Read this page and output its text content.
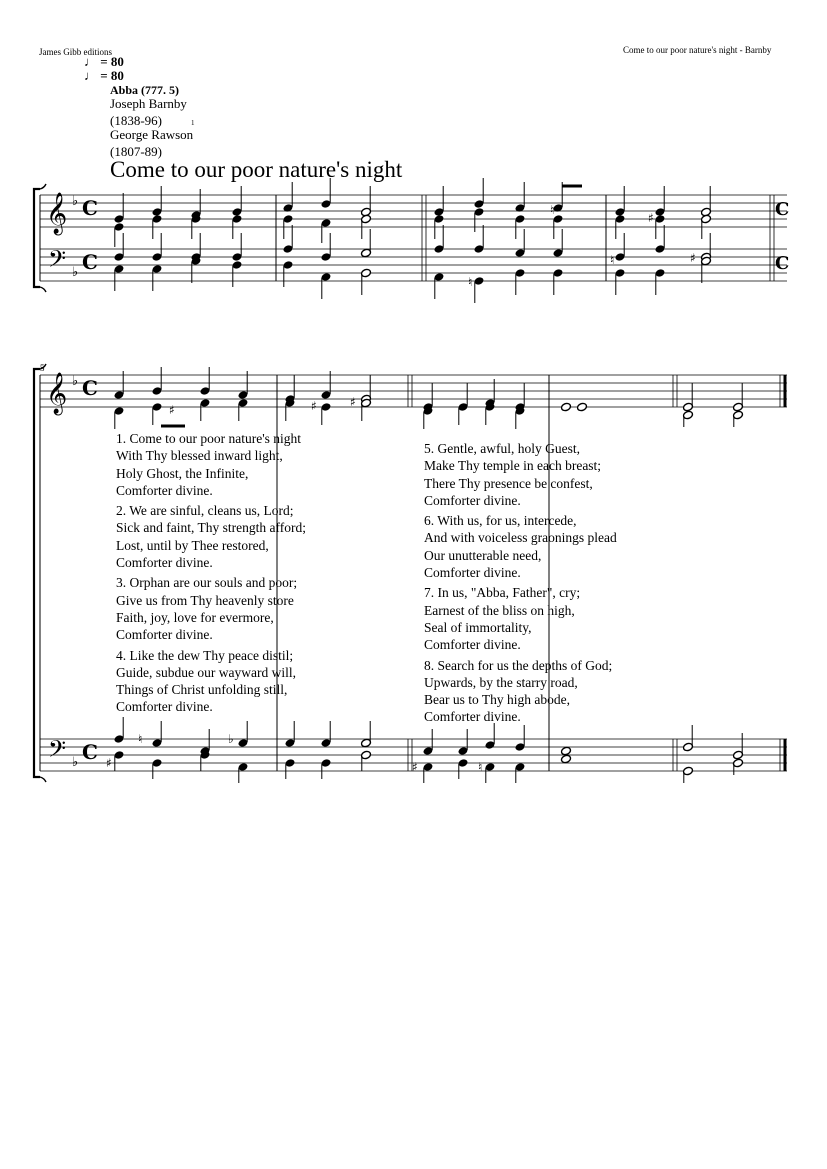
James Gibb editions	Come to our poor nature's night - Barnby
♩ = 80
♩ = 80
Abba (777. 5)
Joseph Barnby
(1838-96)	1
George Rawson
(1807-89)
Come to our poor nature's night
5
𝄞
𝄢
♭
♭
C
C
C
C
♮
♯
♮
♮	♯
𝄞
𝄢
♭
♭
C
C
♯	♯	♯
♮	♭
♯	♯	♮
1. Come to our poor nature's night
With Thy blessed inward light,
Holy Ghost, the Infinite,
Comforter divine.
2. We are sinful, cleans us, Lord;
Sick and faint, Thy strength afford;
Lost, until by Thee restored,
Comforter divine.
3. Orphan are our souls and poor;
Give us from Thy heavenly store
Faith, joy, love for evermore,
Comforter divine.
4. Like the dew Thy peace distil;
Guide, subdue our wayward will,
Things of Christ unfolding still,
Comforter divine.
5. Gentle, awful, holy Guest,
Make Thy temple in each breast;
There Thy presence be confest,
Comforter divine.
6. With us, for us, intercede,
And with voiceless graonings plead
Our unutterable need,
Comforter divine.
7. In us, "Abba, Father", cry;
Earnest of the bliss on high,
Seal of immortality,
Comforter divine.
8. Search for us the depths of God;
Upwards, by the starry road,
Bear us to Thy high abode,
Comforter divine.
